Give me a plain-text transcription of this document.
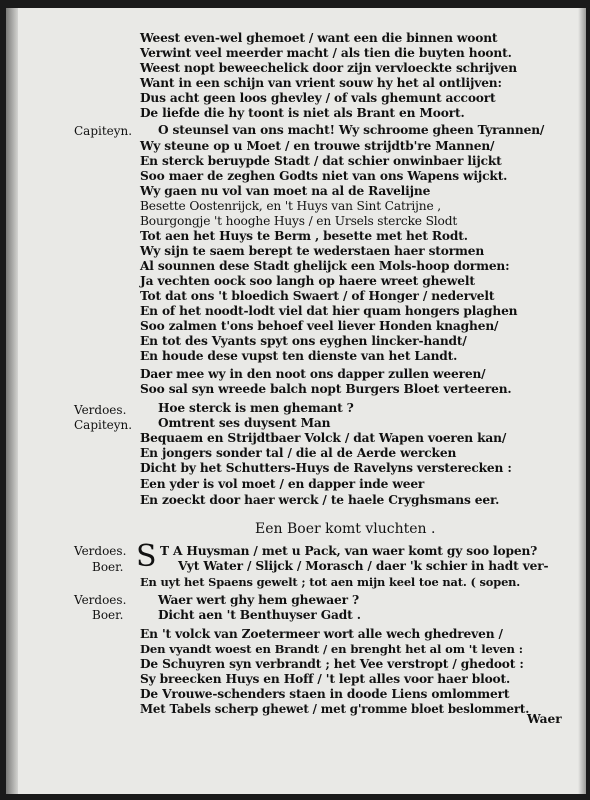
Weest even-wel ghemoet / want een die binnen woont
Verwint veel meerder macht / als tien die buyten hoont.
Weest nopt beweechelick door zijn vervloeckte schrijven
Want in een schijn van vrient souw hy het al ontlijven:
Dus acht geen loos ghevley / of vals ghemunt accoort
De liefde die hy toont is niet als Brant en Moort.
O steunsel van ons macht! Wy schroome gheen Tyrannen/
Wy steune op u Moet / en trouwe strijdtb're Mannen/
En sterck beruypde Stadt / dat schier onwinbaer lijckt
Soo maer de zeghen Godts niet van ons Wapens wijckt.
Wy gaen nu vol van moet na al de Ravelijne
Besette Oostenrijck, en 't Huys van Sint Catrijne ,
Bourgongje 't hooghe Huys / en Ursels stercke Slodt
Tot aen het Huys te Berm , besette met het Rodt.
Wy sijn te saem berept te wederstaen haer stormen
Al sounnen dese Stadt ghelijck een Mols-hoop dormen:
Ja vechten oock soo langh op haere wreet ghewelt
Tot dat ons 't bloedich Swaert / of Honger / nedervelt
En of het noodt-lodt viel dat hier quam hongers plaghen
Soo zalmen t'ons behoef veel liever Honden knaghen/
En tot des Vyants spyt ons eyghen lincker-handt/
En houde dese vupst ten dienste van het Landt.
Daer mee wy in den noot ons dapper zullen weeren/
Soo sal syn wreede balch nopt Burgers Bloet verteeren.
Hoe sterck is men ghemant ?
Omtrent ses duysent Man
Bequaem en Strijdtbaer Volck / dat Wapen voeren kan/
En jongers sonder tal / die al de Aerde wercken
Dicht by het Schutters-Huys de Ravelyns versterecken :
Een yder is vol moet / en dapper inde weer
En zoeckt door haer werck / te haele Cryghsmans eer.
Een Boer komt vluchten .
S T A Huysman / met u Pack, van waer komt gy soo lopen?
Vyt Water / Slijck / Morasch / daer 'k schier in hadt ver-
En uyt het Spaens gewelt ; tot aen mijn keel toe nat. ( sopen.
Waer wert ghy hem ghewaer ?
Dicht aen 't Benthuyser Gadt .
En 't volck van Zoetermeer wort alle wech ghedreven /
Den vyandt woest en Brandt / en brenght het al om 't leven :
De Schuyren syn verbrandt ; het Vee verstropt / ghedoot :
Sy breecken Huys en Hoff / 't lept alles voor haer bloot.
De Vrouwe-schenders staen in doode Liens omlommert
Met Tabels scherp ghewet / met g'romme bloet beslommert.
Waer
Capiteyn.
Verdoes.
Capiteyn.
Verdoes.
Boer.
Verdoes.
Boer.
